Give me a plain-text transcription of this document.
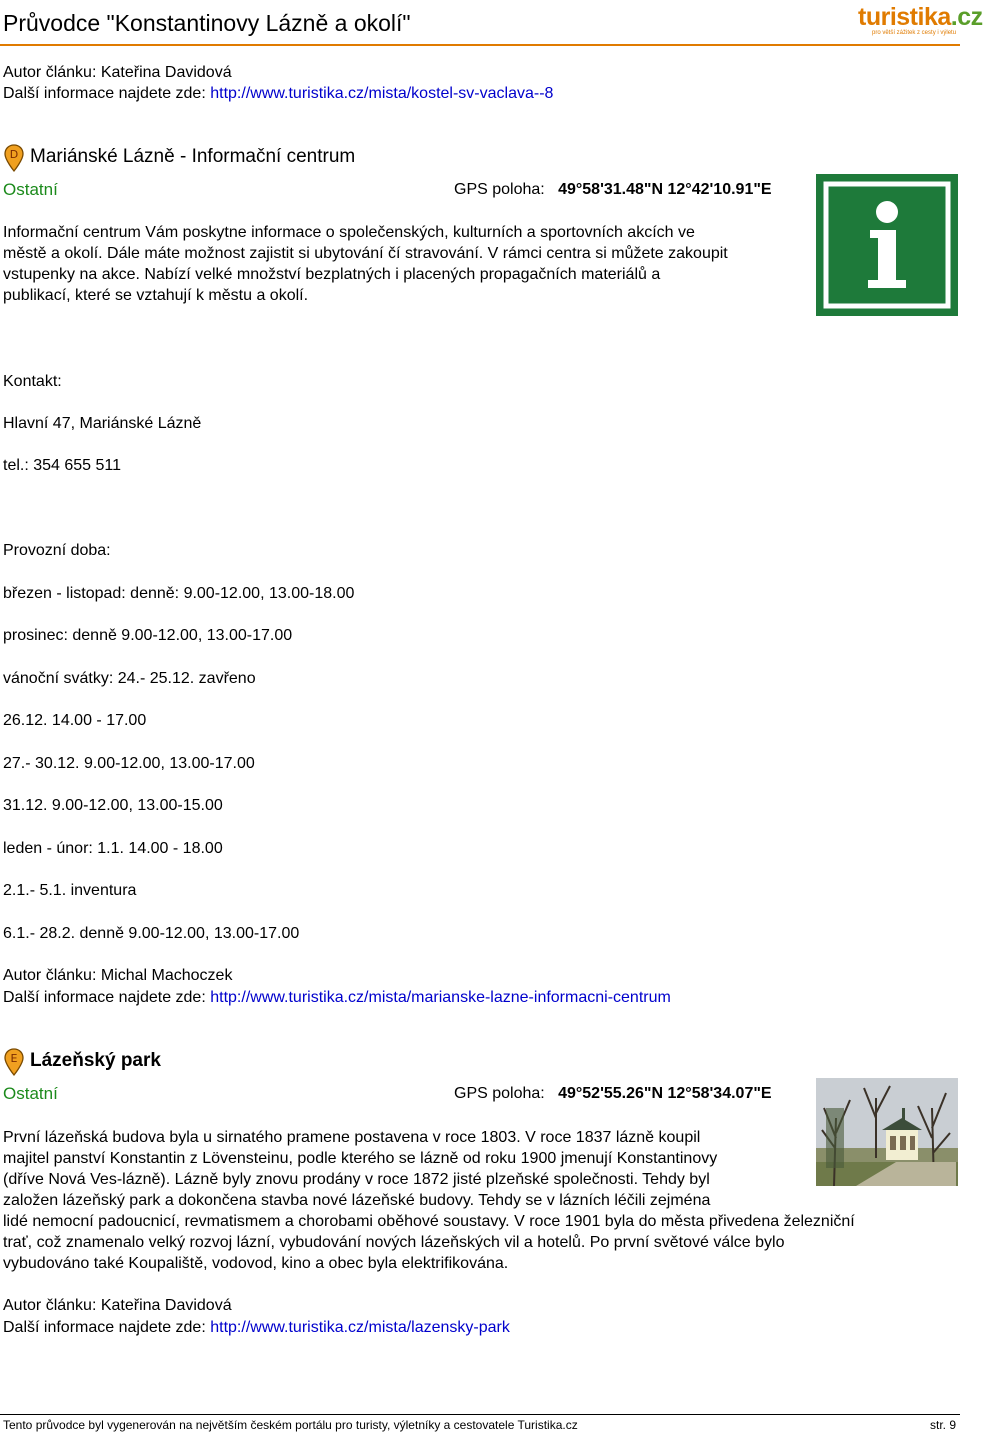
Průvodce "Konstantinovy Lázně a okolí"	turistika.cz
pro větší zážitek z cesty i výletu
Autor článku: Kateřina Davidová
Další informace najdete zde: http://www.turistika.cz/mista/kostel-sv-vaclava--8
D Mariánské Lázně - Informační centrum
Ostatní	GPS poloha: 49°58'31.48"N 12°42'10.91"E
Informační centrum Vám poskytne informace o společenských, kulturních a sportovních akcích ve
městě a okolí. Dále máte možnost zajistit si ubytování čí stravování. V rámci centra si můžete zakoupit
vstupenky na akce. Nabízí velké množství bezplatných i placených propagačních materiálů a
publikací, které se vztahují k městu a okolí.
Kontakt:
Hlavní 47, Mariánské Lázně
tel.: 354 655 511
Provozní doba:
březen - listopad: denně: 9.00-12.00, 13.00-18.00
prosinec: denně 9.00-12.00, 13.00-17.00
vánoční svátky: 24.- 25.12. zavřeno
26.12. 14.00 - 17.00
27.- 30.12. 9.00-12.00, 13.00-17.00
31.12. 9.00-12.00, 13.00-15.00
leden - únor: 1.1. 14.00 - 18.00
2.1.- 5.1. inventura
6.1.- 28.2. denně 9.00-12.00, 13.00-17.00
Autor článku: Michal Machoczek
Další informace najdete zde: http://www.turistika.cz/mista/marianske-lazne-informacni-centrum
E Lázeňský park
Ostatní	GPS poloha: 49°52'55.26"N 12°58'34.07"E
První lázeňská budova byla u sirnatého pramene postavena v roce 1803. V roce 1837 lázně koupil
majitel panství Konstantin z Lövensteinu, podle kterého se lázně od roku 1900 jmenují Konstantinovy
(dříve Nová Ves-lázně). Lázně byly znovu prodány v roce 1872 jisté plzeňské společnosti. Tehdy byl
založen lázeňský park a dokončena stavba nové lázeňské budovy. Tehdy se v lázních léčili zejména
lidé nemocní padoucnicí, revmatismem a chorobami oběhové soustavy. V roce 1901 byla do města přivedena železniční
trať, což znamenalo velký rozvoj lázní, vybudování nových lázeňských vil a hotelů. Po první světové válce bylo
vybudováno také Koupaliště, vodovod, kino a obec byla elektrifikována.
Autor článku: Kateřina Davidová
Další informace najdete zde: http://www.turistika.cz/mista/lazensky-park
Tento průvodce byl vygenerován na největším českém portálu pro turisty, výletníky a cestovatele Turistika.cz	str. 9
